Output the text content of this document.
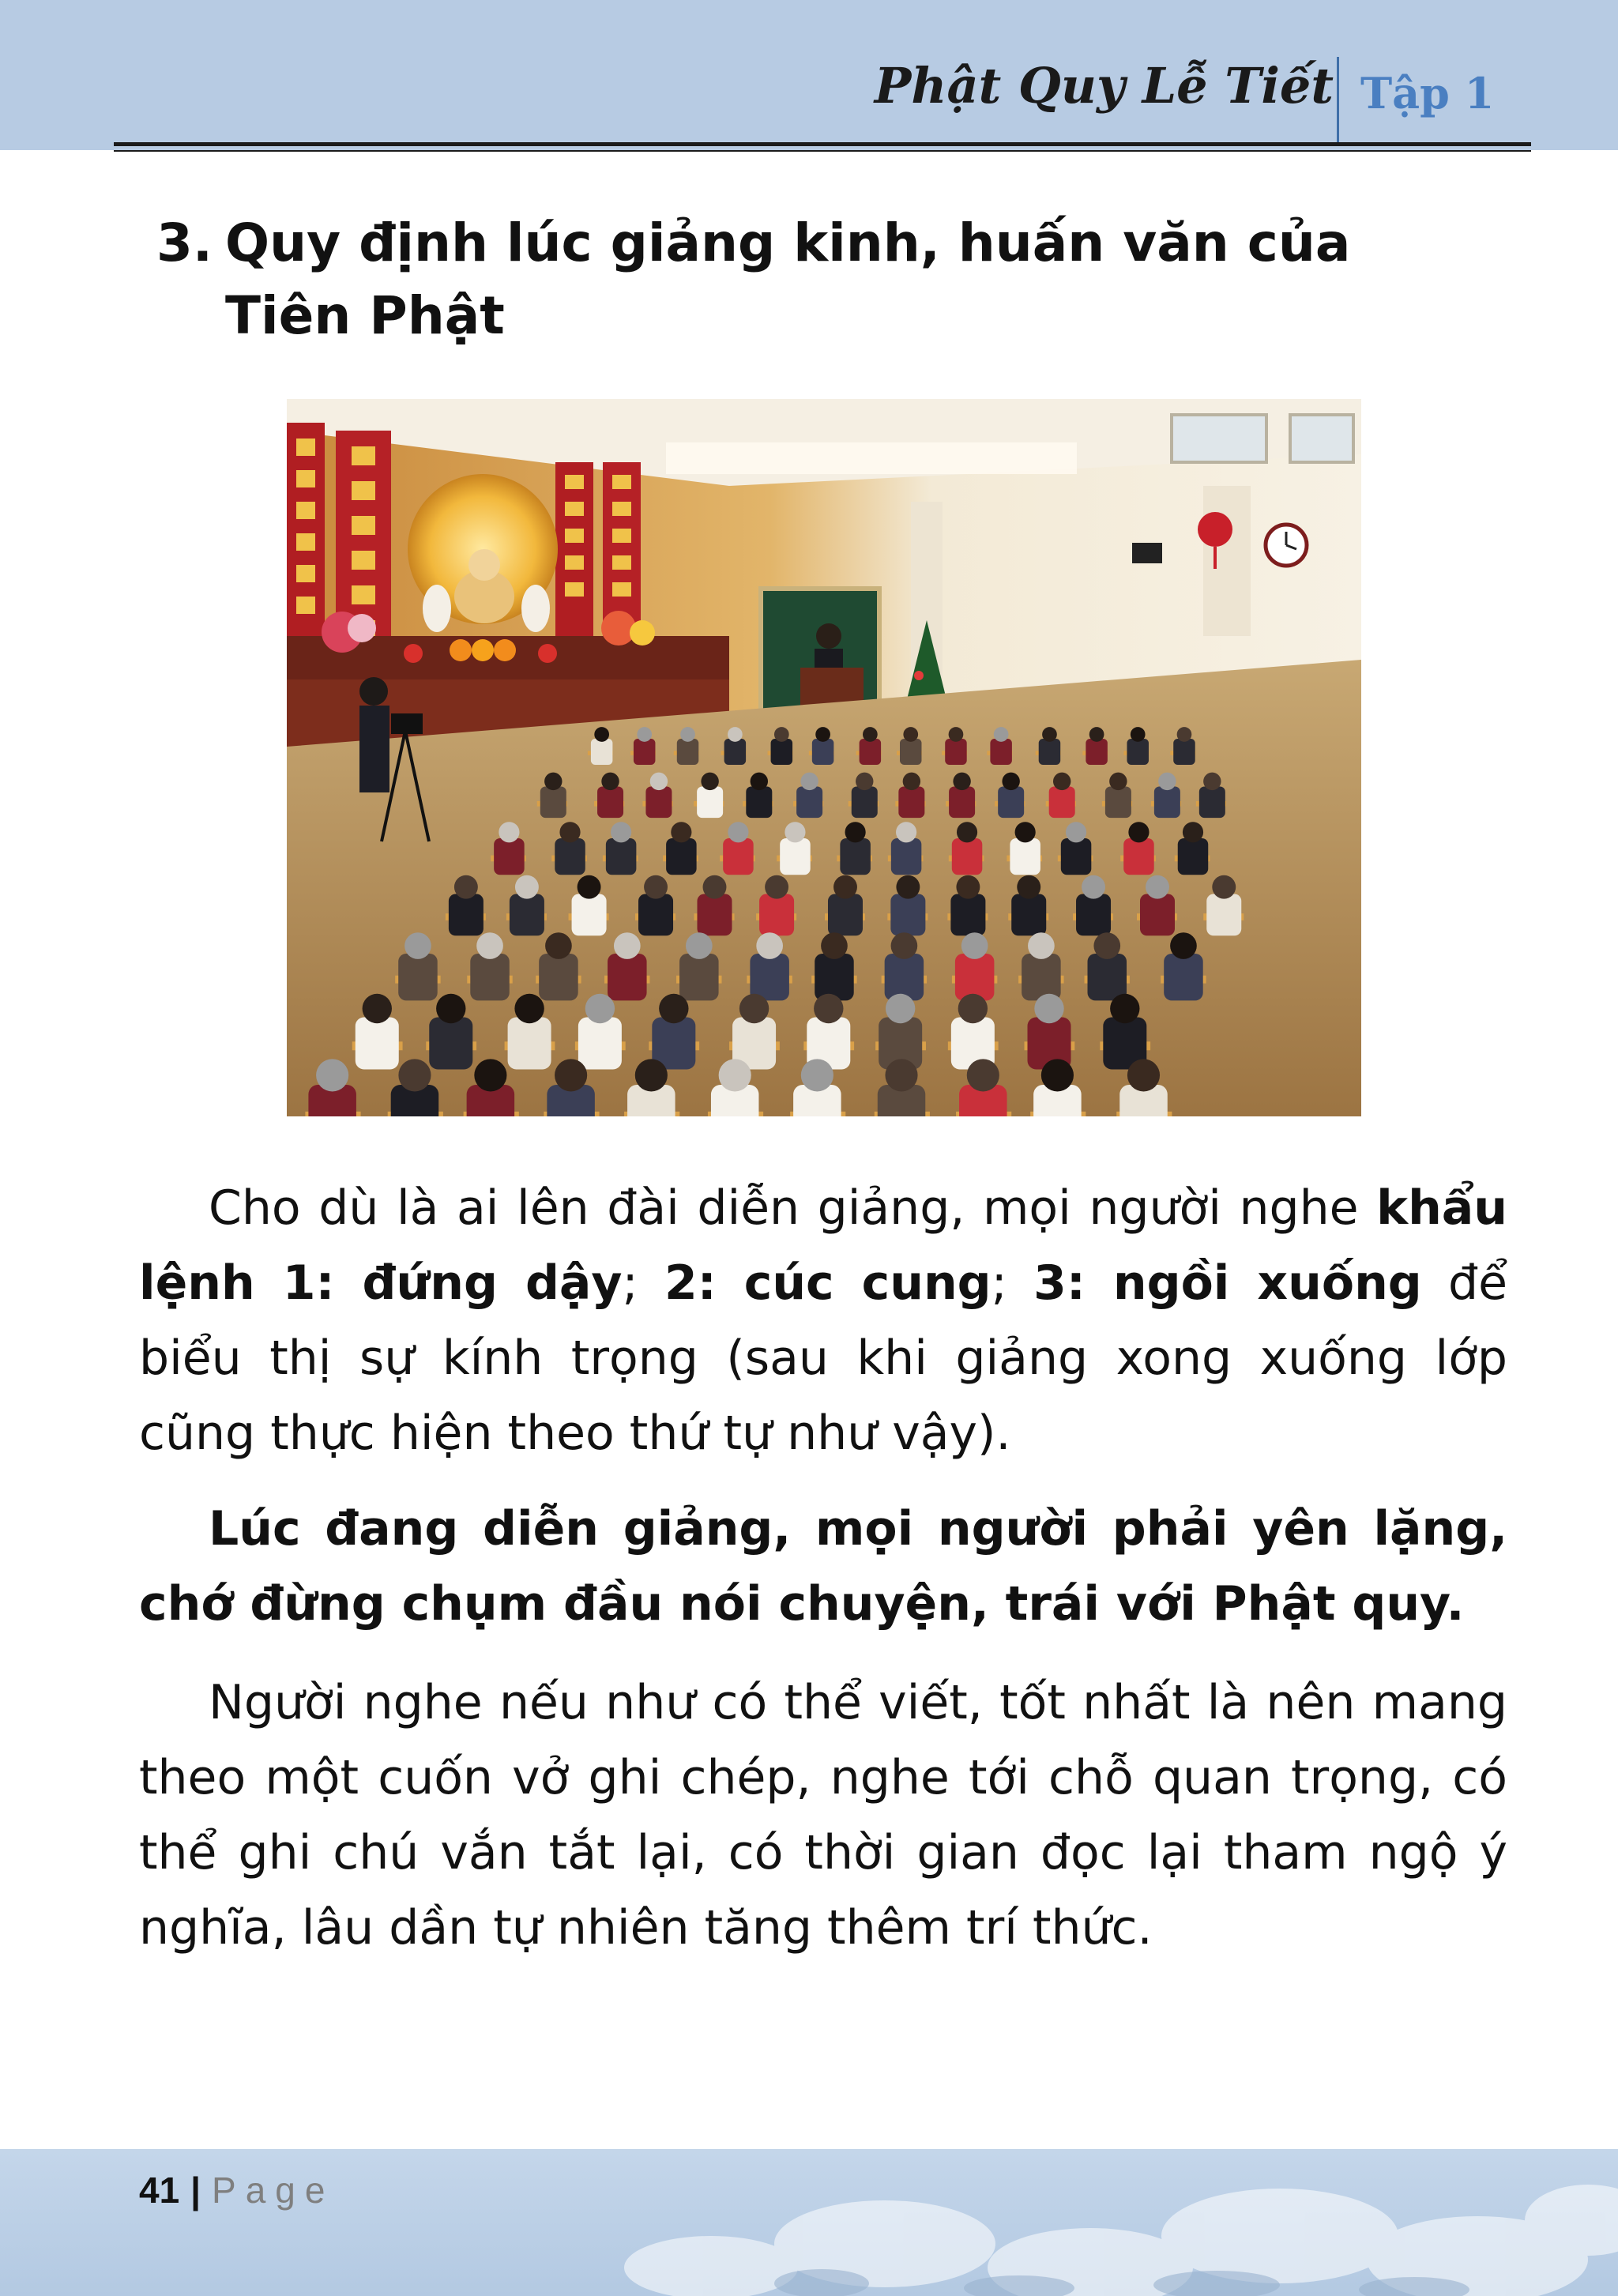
Phật Quy Lễ Tiết Tập 1
3. Quy định lúc giảng kinh, huấn văn của Tiên Phật

Cho dù là ai lên đài diễn giảng, mọi người nghe khẩu lệnh 1: đứng dậy; 2: cúc cung; 3: ngồi xuống để biểu thị sự kính trọng (sau khi giảng xong xuống lớp cũng thực hiện theo thứ tự như vậy).

Lúc đang diễn giảng, mọi người phải yên lặng, chớ đừng chụm đầu nói chuyện, trái với Phật quy.

Người nghe nếu như có thể viết, tốt nhất là nên mang theo một cuốn vở ghi chép, nghe tới chỗ quan trọng, có thể ghi chú vắn tắt lại, có thời gian đọc lại tham ngộ ý nghĩa, lâu dần tự nhiên tăng thêm trí thức.

41 | Page
